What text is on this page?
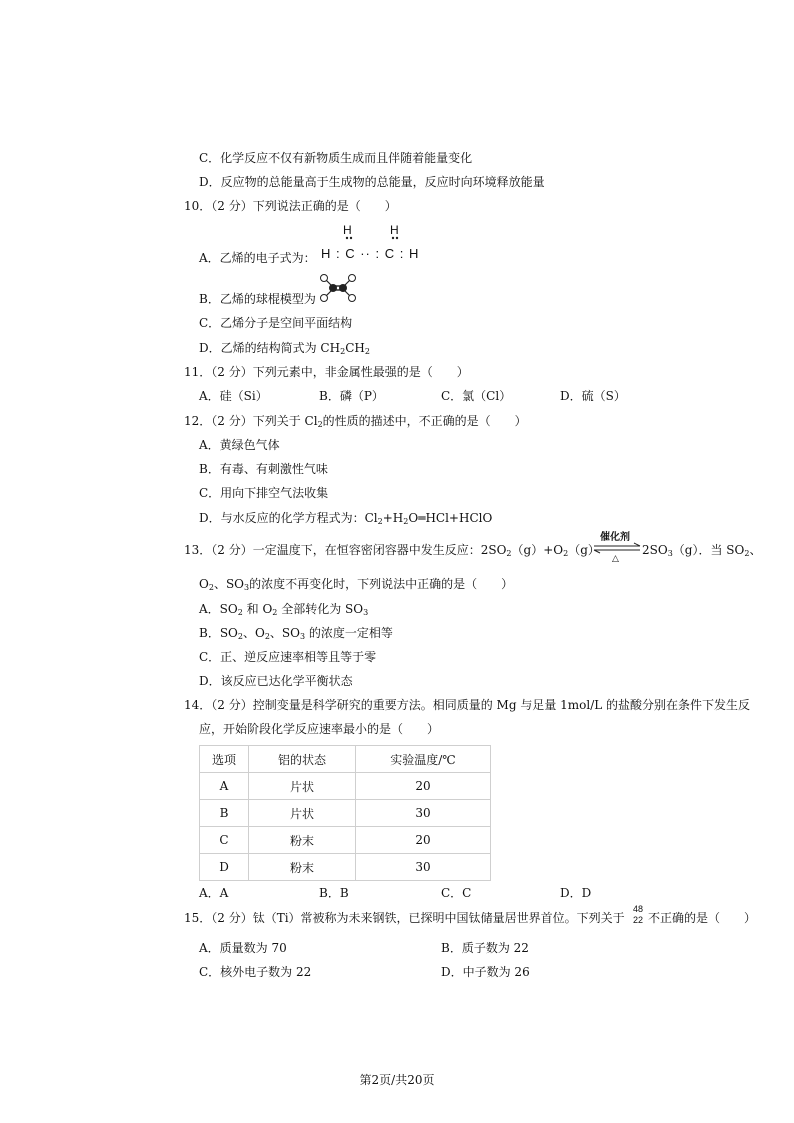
C．化学反应不仅有新物质生成而且伴随着能量变化
D．反应物的总能量高于生成物的总能量，反应时向环境释放能量
10．（2 分）下列说法正确的是（　　）
H	H
A．乙烯的电子式为： H : C ·· : C : H
B．乙烯的球棍模型为
C．乙烯分子是空间平面结构
D．乙烯的结构简式为 $CH_2CH_2$
11．（2 分）下列元素中，非金属性最强的是（　　）
A．硅（Si）	B．磷（P）	C．氯（Cl）	D．硫（S）
12．（2 分）下列关于 $Cl_2$的性质的描述中，不正确的是（　　）
A．黄绿色气体
B．有毒、有刺激性气味
C．用向下排空气法收集
D．与水反应的化学方程式为：$Cl_2+H_2O═HCl+HClO$
13．（2 分）一定温度下，在恒容密闭容器中发生反应：$2SO_2(g)+O_2(g)$
催化剂
△
$2SO_3(g)$．当 $SO_2$、
$O_2$、$SO_3$的浓度不再变化时，下列说法中正确的是（　　）
A．$SO_2$ 和 $O_2$ 全部转化为 $SO_3$
B．$SO_2$、$O_2$、$SO_3$ 的浓度一定相等
C．正、逆反应速率相等且等于零
D．该反应已达化学平衡状态
14．（2 分）控制变量是科学研究的重要方法。相同质量的 Mg 与足量 1mol/L 的盐酸分别在条件下发生反
应，开始阶段化学反应速率最小的是（　　）
选项	铝的状态	实验温度/℃
A	片状	20
B	片状	30
C	粉末	20
D	粉末	30
A．A	B．B	C．C	D．D
15．（2 分）钛（Ti）常被称为未来钢铁，已探明中国钛储量居世界首位。下列关于
48
22 不正确的是（　　）
A．质量数为 70	B．质子数为 22
C．核外电子数为 22	D．中子数为 26
第2页/共20页
